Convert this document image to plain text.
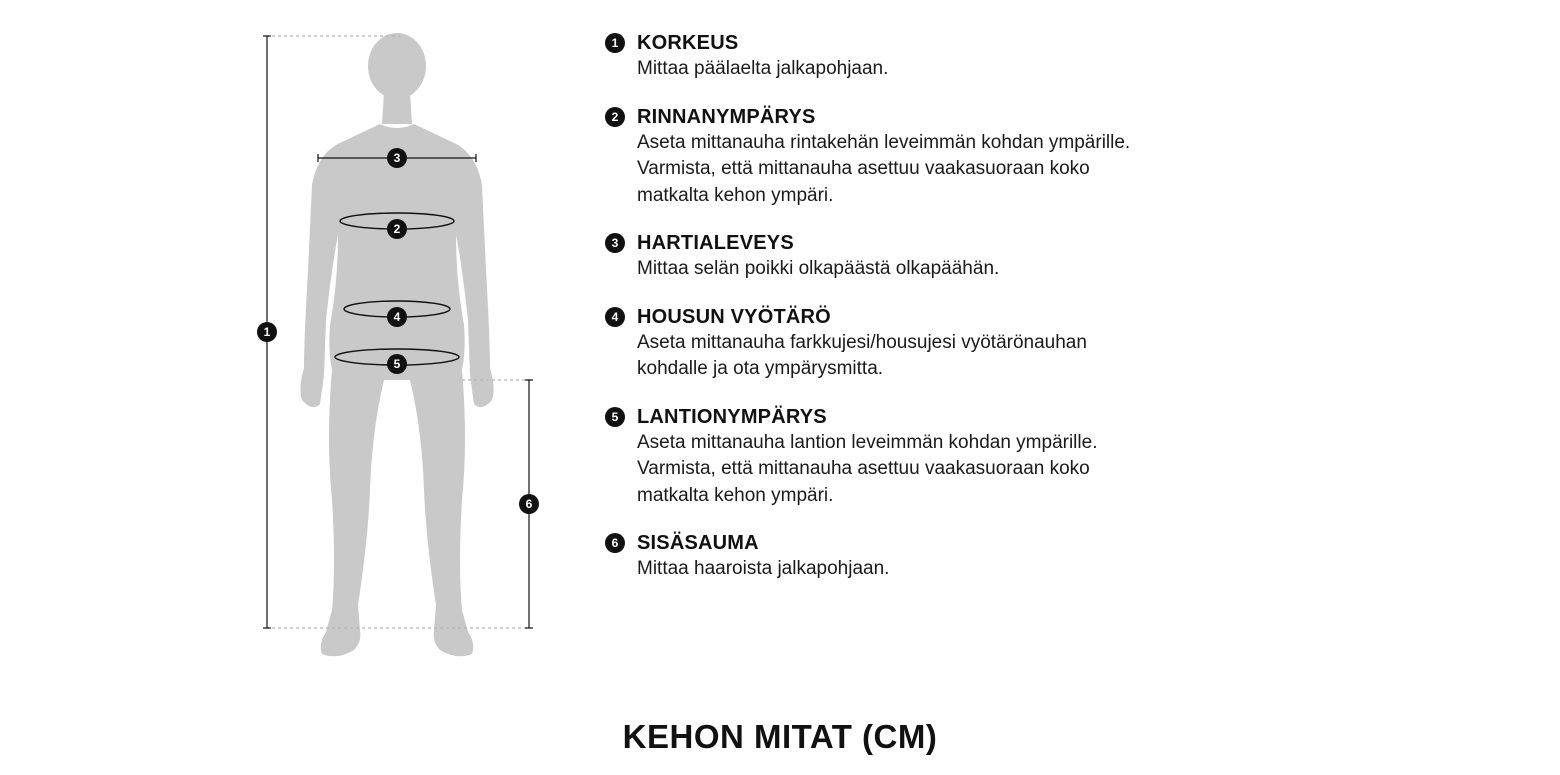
1
3
2
4
5
6
1 KORKEUS
Mittaa päälaelta jalkapohjaan.
2 RINNANYMPÄRYS
Aseta mittanauha rintakehän leveimmän kohdan ympärille.
Varmista, että mittanauha asettuu vaakasuoraan koko
matkalta kehon ympäri.
3 HARTIALEVEYS
Mittaa selän poikki olkapäästä olkapäähän.
4 HOUSUN VYÖTÄRÖ
Aseta mittanauha farkkujesi/housujesi vyötärönauhan
kohdalle ja ota ympärysmitta.
5 LANTIONYMPÄRYS
Aseta mittanauha lantion leveimmän kohdan ympärille.
Varmista, että mittanauha asettuu vaakasuoraan koko
matkalta kehon ympäri.
6 SISÄSAUMA
Mittaa haaroista jalkapohjaan.
KEHON MITAT (CM)
